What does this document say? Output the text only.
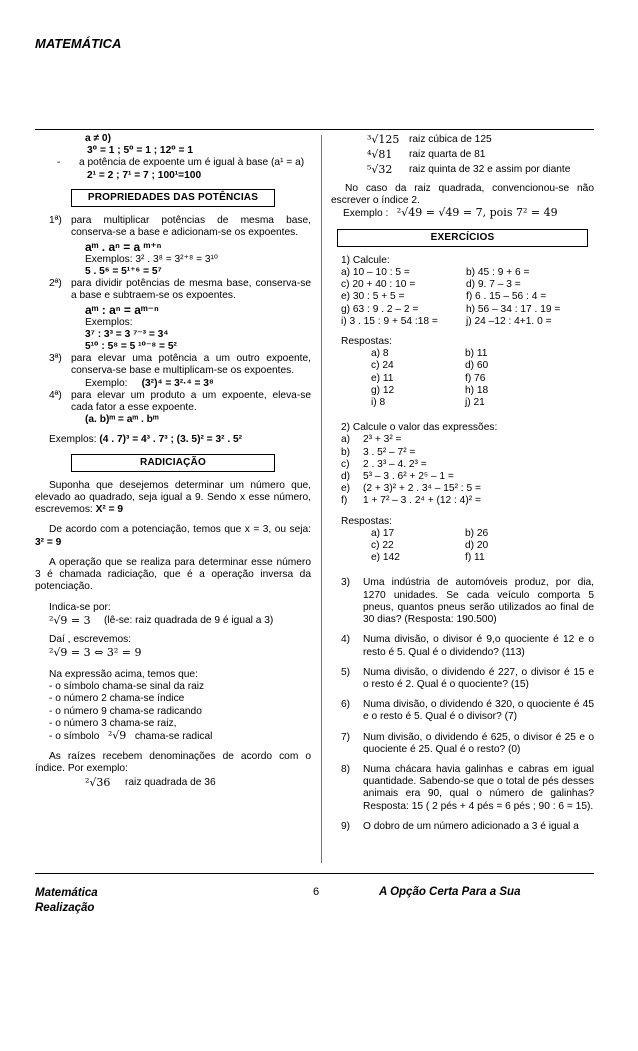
MATEMÁTICA

a ≠ 0)

3⁰ = 1 ; 5⁰ = 1 ; 12⁰ = 1

-	a potência de expoente um é igual à base (a¹ = a)

2¹ = 2 ; 7¹ = 7 ; 100¹=100

PROPRIEDADES DAS POTÊNCIAS
1ª) para multiplicar potências de mesma base, conserva-se a base e adicionam-se os expoentes.

aᵐ . aⁿ = a ᵐ⁺ⁿ

Exemplos: 3² . 3⁸ = 3²⁺⁸ = 3¹⁰

5 . 5⁶ = 5¹⁺⁶ = 5⁷

2ª) para dividir potências de mesma base, conserva-se a base e subtraem-se os expoentes.

aᵐ : aⁿ = aᵐ⁻ⁿ

Exemplos:

3⁷ : 3³ = 3 ⁷⁻³ = 3⁴

5¹⁰ : 5⁸ = 5 ¹⁰⁻⁸ = 5²

3ª) para elevar uma potência a um outro expoente, conserva-se base e multiplicam-se os expoentes.

Exemplo: (3²)⁴ = 3²·⁴ = 3⁸

4ª) para elevar um produto a um expoente, eleva-se cada fator a esse expoente.

(a. b)ᵐ = aᵐ . bᵐ

Exemplos: (4 . 7)³ = 4³ . 7³ ; (3. 5)² = 3² . 5²

RADICIAÇÃO

Suponha que desejemos determinar um número que, elevado ao quadrado, seja igual a 9. Sendo x esse número, escrevemos: X² = 9

De acordo com a potenciação, temos que x = 3, ou seja: 3² = 9

A operação que se realiza para determinar esse número 3 é chamada radiciação, que é a operação inversa da potenciação.

Indica-se por:

²√9 = 3	(lê-se: raiz quadrada de 9 é igual a 3)

Daí , escrevemos:

²√9 = 3 ⇔ 3² = 9

Na expressão acima, temos que:

- o símbolo chama-se sinal da raiz

- o número 2 chama-se índice

- o número 9 chama-se radicando

- o número 3 chama-se raiz,

- o símbolo ²√9 chama-se radical

As raízes recebem denominações de acordo com o índice. Por exemplo:

²√36	raiz quadrada de 36
³√125 raiz cúbica de 125
⁴√81	raiz quarta de 81
⁵√32	raiz quinta de 32 e assim por diante

No caso da raiz quadrada, convencionou-se não escrever o índice 2.

Exemplo : ²√49 = √49 = 7, pois 7² = 49

EXERCÍCIOS

1) Calcule:

a) 10 – 10 : 5 =	b) 45 : 9 + 6 =
c) 20 + 40 : 10 =	d) 9. 7 – 3 =
e) 30 : 5 + 5 =	f) 6 . 15 – 56 : 4 =
g) 63 : 9 . 2 – 2 =	h) 56 – 34 : 17 . 19 =
i) 3 . 15 : 9 + 54 :18 =	j) 24 –12 : 4+1. 0 =

Respostas:

a) 8	b) 11
c) 24	d) 60
e) 11	f) 76
g) 12	h) 18
i) 8	j) 21

2) Calcule o valor das expressões:

a)	2³ + 3² =
b)	3 . 5² – 7² =
c)	2 . 3³ – 4. 2³ =
d)	5³ – 3 . 6² + 2⁵ – 1 =
e)	(2 + 3)² + 2 . 3⁴ – 15² : 5 =
f)	1 + 7² – 3 . 2⁴ + (12 : 4)² =

Respostas:

a) 17	b) 26
c) 22	d) 20
e) 142	f) 11
3)	Uma indústria de automóveis produz, por dia, 1270 unidades. Se cada veículo comporta 5 pneus, quantos pneus serão utilizados ao final de 30 dias? (Resposta: 190.500)
4)	Numa divisão, o divisor é 9,o quociente é 12 e o resto é 5. Qual é o dividendo? (113)
5)	Numa divisão, o dividendo é 227, o divisor é 15 e o resto é 2. Qual é o quociente? (15)
6)	Numa divisão, o dividendo é 320, o quociente é 45 e o resto é 5. Qual é o divisor? (7)
7)	Num divisão, o dividendo é 625, o divisor é 25 e o quociente é 25. Qual é o resto? (0)
8)	Numa chácara havia galinhas e cabras em igual quantidade. Sabendo-se que o total de pés desses animais era 90, qual o número de galinhas? Resposta: 15 ( 2 pés + 4 pés = 6 pés ; 90 : 6 = 15).
9)	O dobro de um número adicionado a 3 é igual a
Matemática
Realização
6	A Opção Certa Para a Sua
